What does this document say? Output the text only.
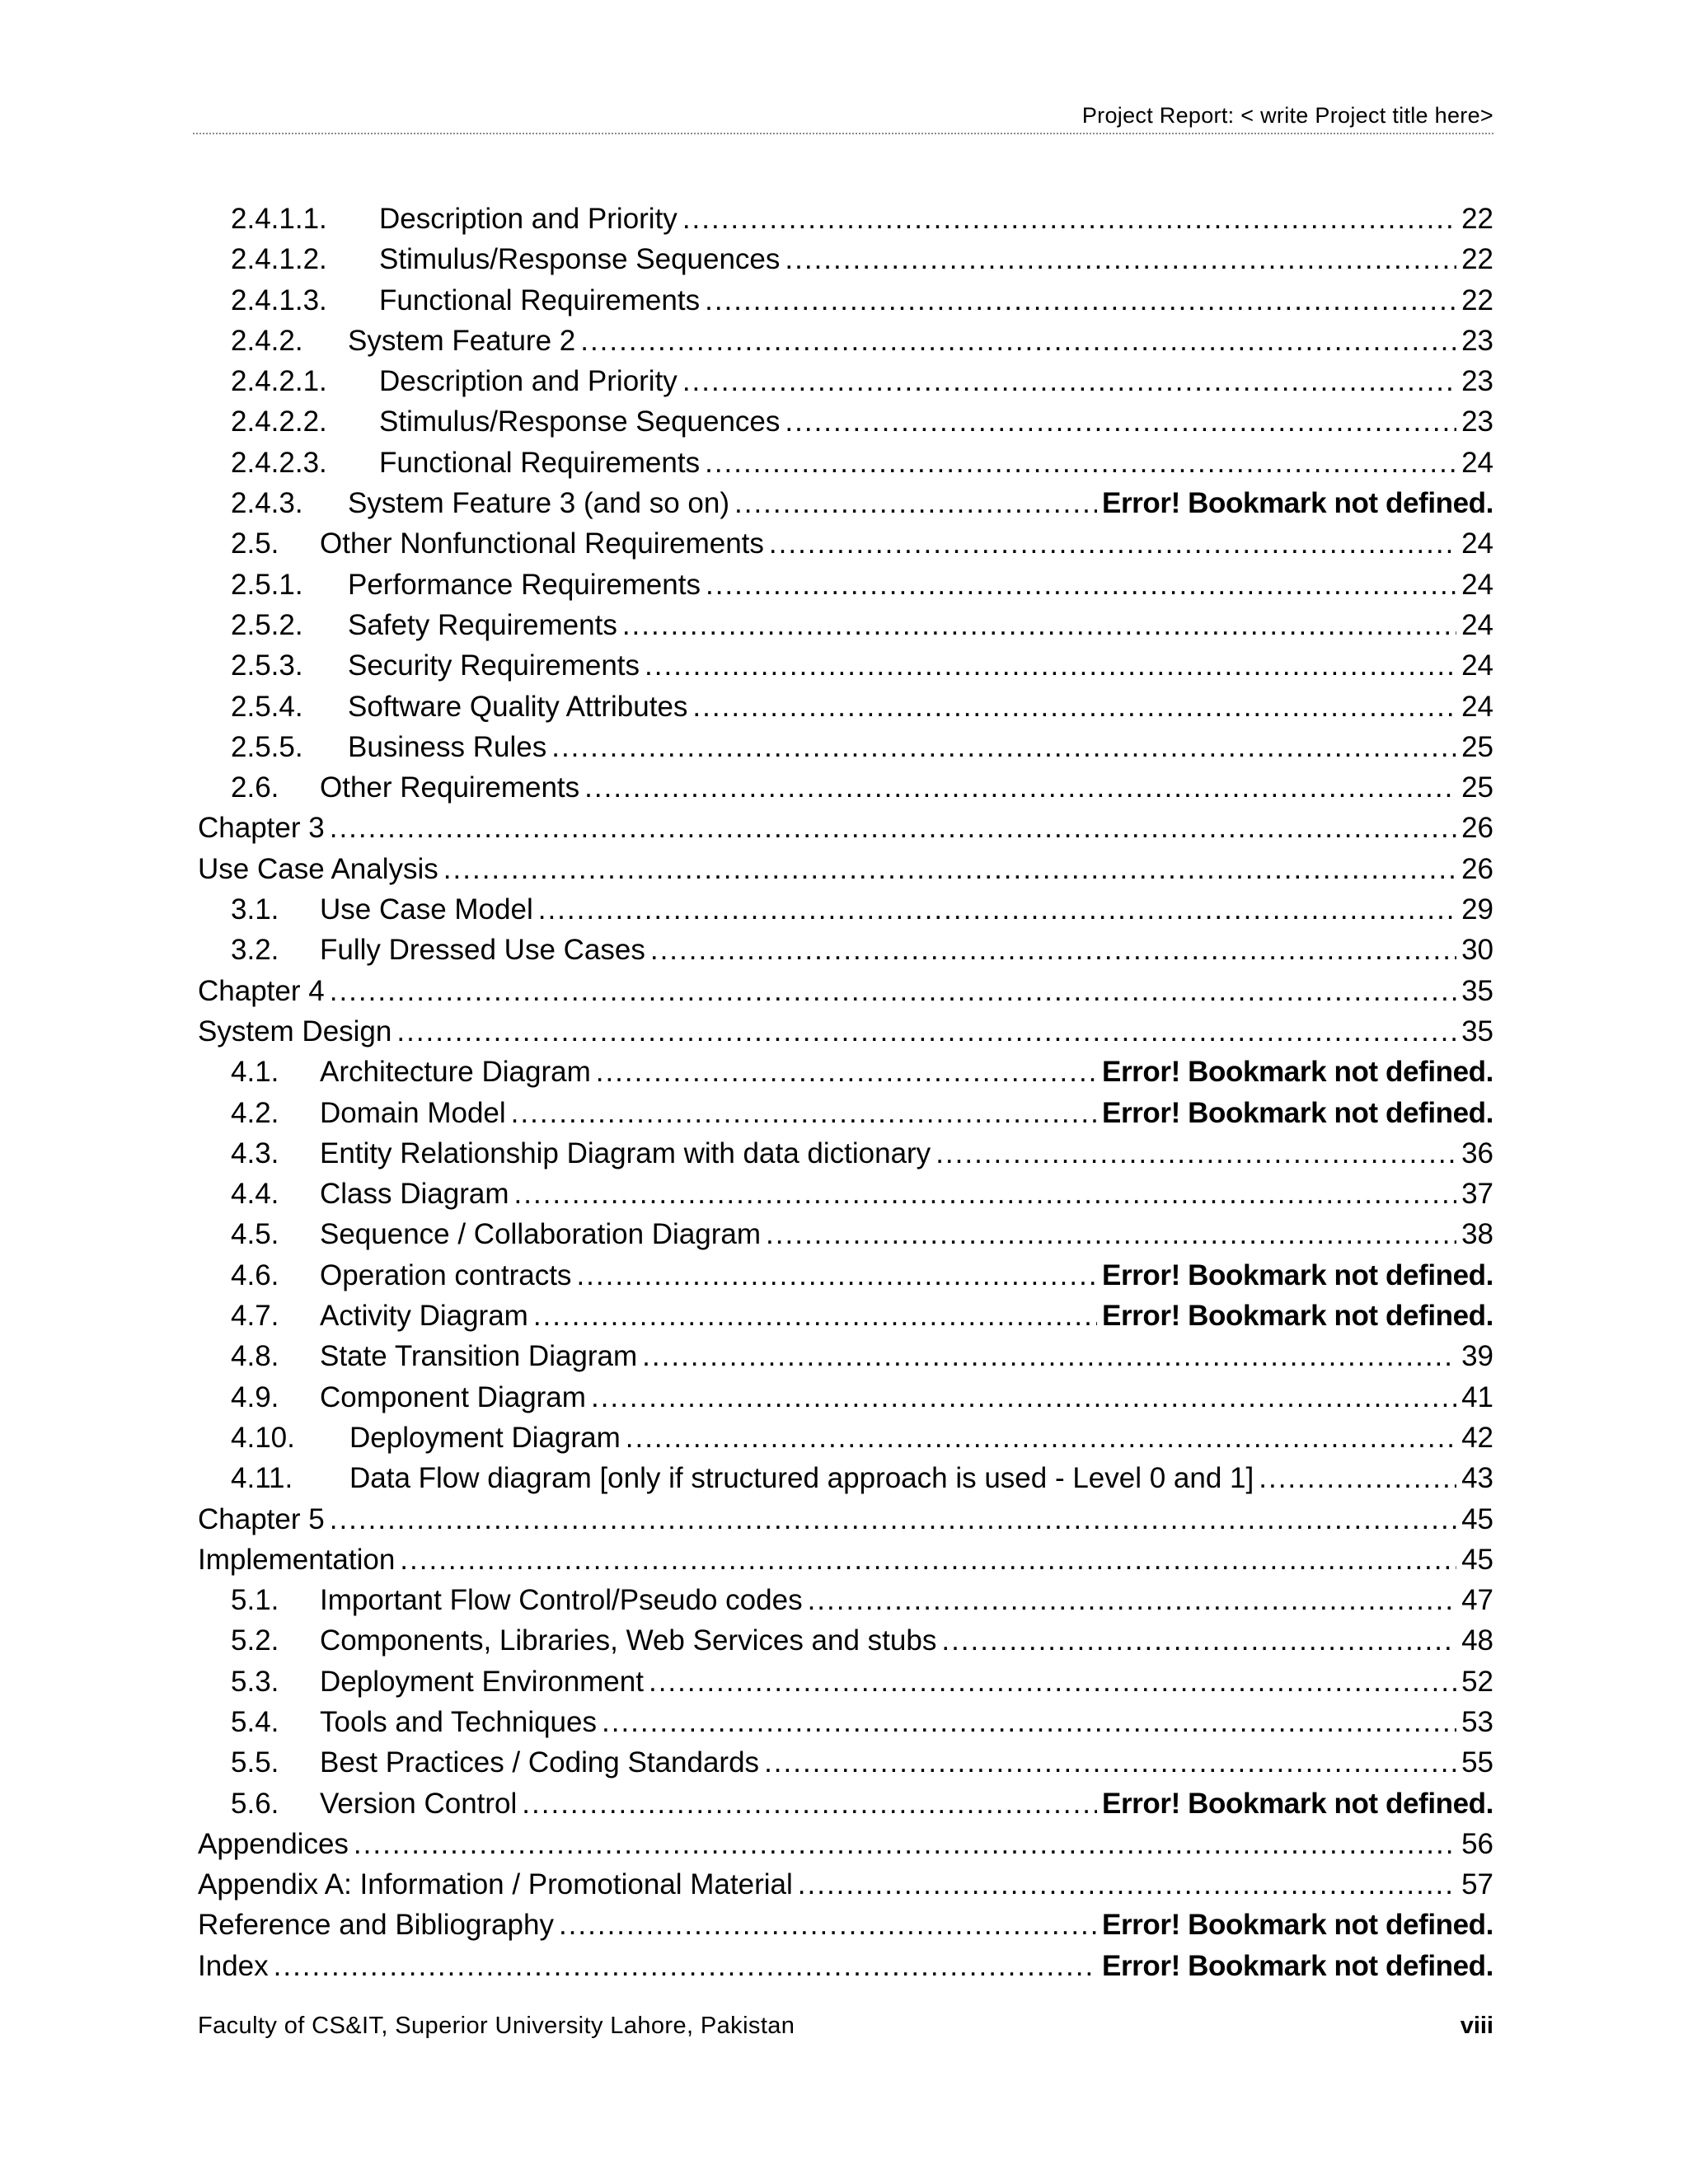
Project Report: < write Project title here>
2.4.1.1.	Description and Priority .....	22
2.4.1.2.	Stimulus/Response Sequences .....	22
2.4.1.3.	Functional Requirements .....	22
2.4.2.	System Feature 2 .....	23
2.4.2.1.	Description and Priority .....	23
2.4.2.2.	Stimulus/Response Sequences .....	23
2.4.2.3.	Functional Requirements .....	24
2.4.3.	System Feature 3 (and so on) .....	Error! Bookmark not defined.
2.5.	Other Nonfunctional Requirements .....	24
2.5.1.	Performance Requirements .....	24
2.5.2.	Safety Requirements .....	24
2.5.3.	Security Requirements .....	24
2.5.4.	Software Quality Attributes .....	24
2.5.5.	Business Rules .....	25
2.6.	Other Requirements .....	25
Chapter 3 .....	26
Use Case Analysis .....	26
3.1.	Use Case Model .....	29
3.2.	Fully Dressed Use Cases .....	30
Chapter 4 .....	35
System Design .....	35
4.1.	Architecture Diagram .....	Error! Bookmark not defined.
4.2.	Domain Model .....	Error! Bookmark not defined.
4.3.	Entity Relationship Diagram with data dictionary .....	36
4.4.	Class Diagram .....	37
4.5.	Sequence / Collaboration Diagram .....	38
4.6.	Operation contracts .....	Error! Bookmark not defined.
4.7.	Activity Diagram .....	Error! Bookmark not defined.
4.8.	State Transition Diagram .....	39
4.9.	Component Diagram .....	41
4.10.	Deployment Diagram .....	42
4.11.	Data Flow diagram [only if structured approach is used - Level 0 and 1] .....	43
Chapter 5 .....	45
Implementation .....	45
5.1.	Important Flow Control/Pseudo codes .....	47
5.2.	Components, Libraries, Web Services and stubs .....	48
5.3.	Deployment Environment .....	52
5.4.	Tools and Techniques .....	53
5.5.	Best Practices / Coding Standards .....	55
5.6.	Version Control .....	Error! Bookmark not defined.
Appendices .....	56
Appendix A: Information / Promotional Material .....	57
Reference and Bibliography .....	Error! Bookmark not defined.
Index .....	Error! Bookmark not defined.
Faculty of CS&IT, Superior University Lahore, Pakistan	viii
